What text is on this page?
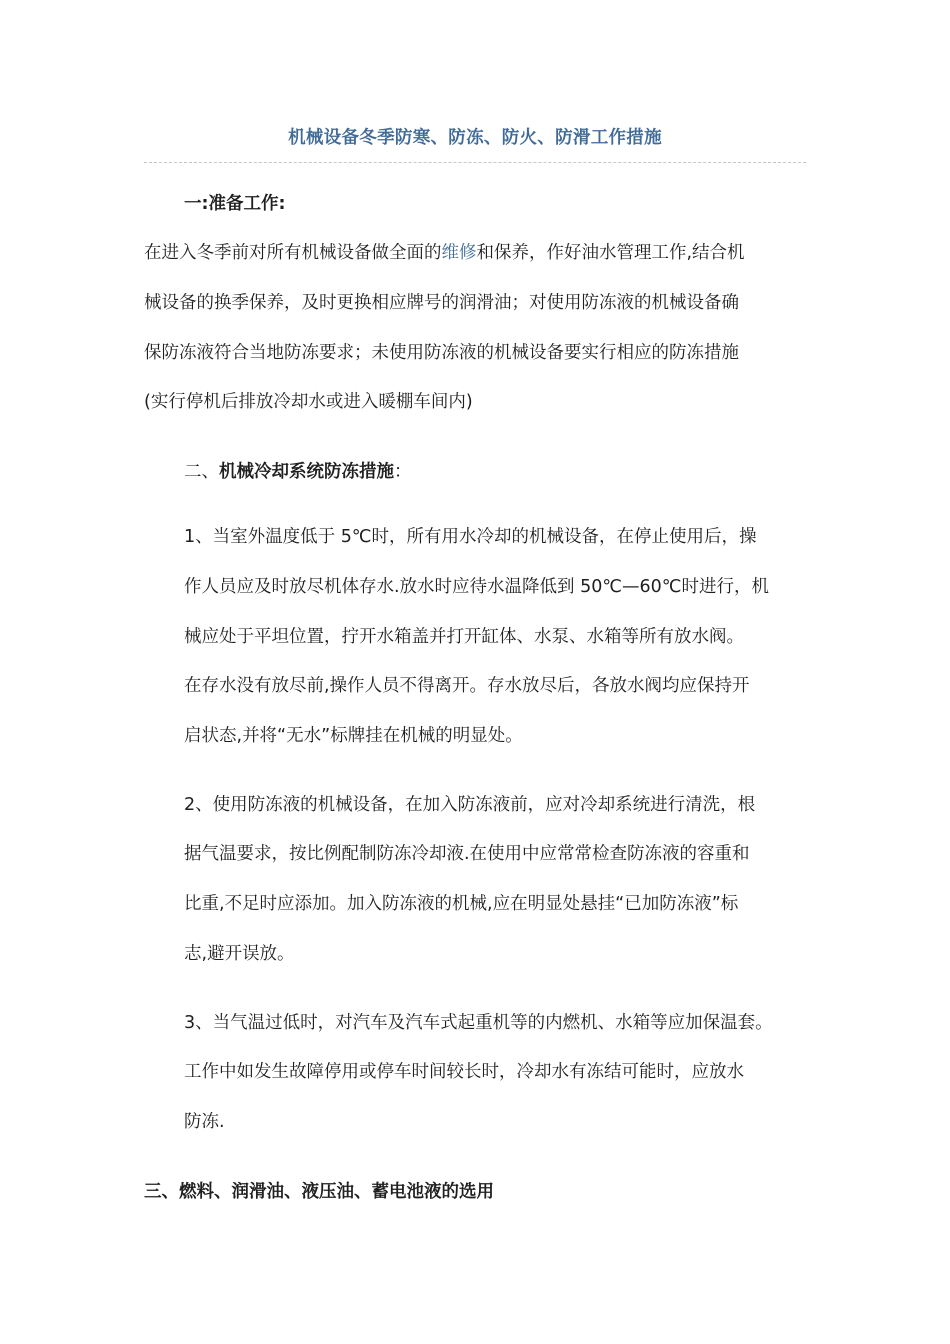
机械设备冬季防寒、防冻、防火、防滑工作措施
一:准备工作:
在进入冬季前对所有机械设备做全面的维修和保养，作好油水管理工作,结合机
械设备的换季保养，及时更换相应牌号的润滑油；对使用防冻液的机械设备确
保防冻液符合当地防冻要求；未使用防冻液的机械设备要实行相应的防冻措施
(实行停机后排放冷却水或进入暖棚车间内)
二、机械冷却系统防冻措施：
1、当室外温度低于 5℃时，所有用水冷却的机械设备，在停止使用后，操
作人员应及时放尽机体存水.放水时应待水温降低到 50℃—60℃时进行，机
械应处于平坦位置，拧开水箱盖并打开缸体、水泵、水箱等所有放水阀。
在存水没有放尽前,操作人员不得离开。存水放尽后，各放水阀均应保持开
启状态,并将“无水”标牌挂在机械的明显处。
2、使用防冻液的机械设备，在加入防冻液前，应对冷却系统进行清洗，根
据气温要求，按比例配制防冻冷却液.在使用中应常常检查防冻液的容重和
比重,不足时应添加。加入防冻液的机械,应在明显处悬挂“已加防冻液”标
志,避开误放。
3、当气温过低时，对汽车及汽车式起重机等的内燃机、水箱等应加保温套。
工作中如发生故障停用或停车时间较长时，冷却水有冻结可能时，应放水
防冻.
三、燃料、润滑油、液压油、蓄电池液的选用
